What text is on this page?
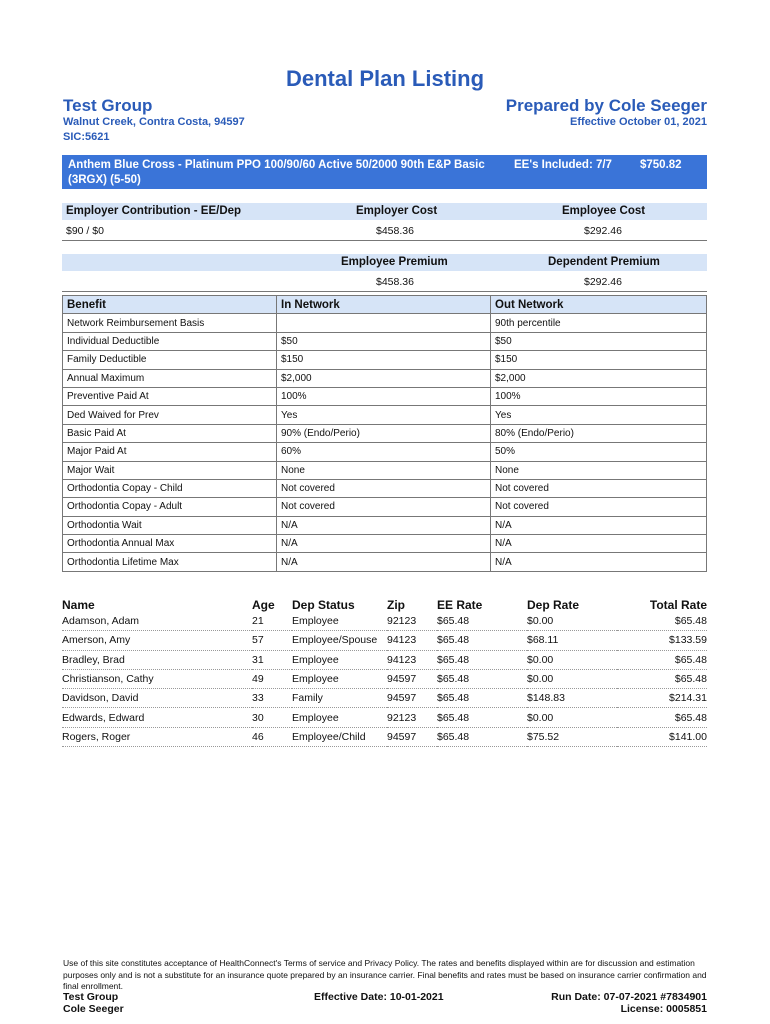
Dental Plan Listing
Test Group	Prepared by Cole Seeger
Walnut Creek, Contra Costa, 94597
SIC:5621
Effective October 01, 2021
Anthem Blue Cross - Platinum PPO 100/90/60 Active 50/2000 90th E&P Basic (3RGX) (5-50)
EE's Included: 7/7 $750.82
Employer Contribution - EE/Dep	Employer Cost	Employee Cost
$90 / $0	$458.36	$292.46
Employee Premium	Dependent Premium
$458.36	$292.46
Benefit	In Network	Out Network
Network Reimbursement Basis		90th percentile
Individual Deductible	$50	$50
Family Deductible	$150	$150
Annual Maximum	$2,000	$2,000
Preventive Paid At	100%	100%
Ded Waived for Prev	Yes	Yes
Basic Paid At	90% (Endo/Perio)	80% (Endo/Perio)
Major Paid At	60%	50%
Major Wait	None	None
Orthodontia Copay - Child	Not covered	Not covered
Orthodontia Copay - Adult	Not covered	Not covered
Orthodontia Wait	N/A	N/A
Orthodontia Annual Max	N/A	N/A
Orthodontia Lifetime Max	N/A	N/A
Name	Age	Dep Status	Zip	EE Rate	Dep Rate	Total Rate
Adamson, Adam	21	Employee	92123	$65.48	$0.00	$65.48
Amerson, Amy	57	Employee/Spouse	94123	$65.48	$68.11	$133.59
Bradley, Brad	31	Employee	94123	$65.48	$0.00	$65.48
Christianson, Cathy	49	Employee	94597	$65.48	$0.00	$65.48
Davidson, David	33	Family	94597	$65.48	$148.83	$214.31
Edwards, Edward	30	Employee	92123	$65.48	$0.00	$65.48
Rogers, Roger	46	Employee/Child	94597	$65.48	$75.52	$141.00
Use of this site constitutes acceptance of HealthConnect's Terms of service and Privacy Policy. The rates and benefits displayed within are for discussion and estimation purposes only and is not a substitute for an insurance quote prepared by an insurance carrier. Final benefits and rates must be based on insurance carrier confirmation and final enrollment.
Test Group
Cole Seeger
Effective Date: 10-01-2021	Run Date: 07-07-2021 #7834901
License: 0005851
